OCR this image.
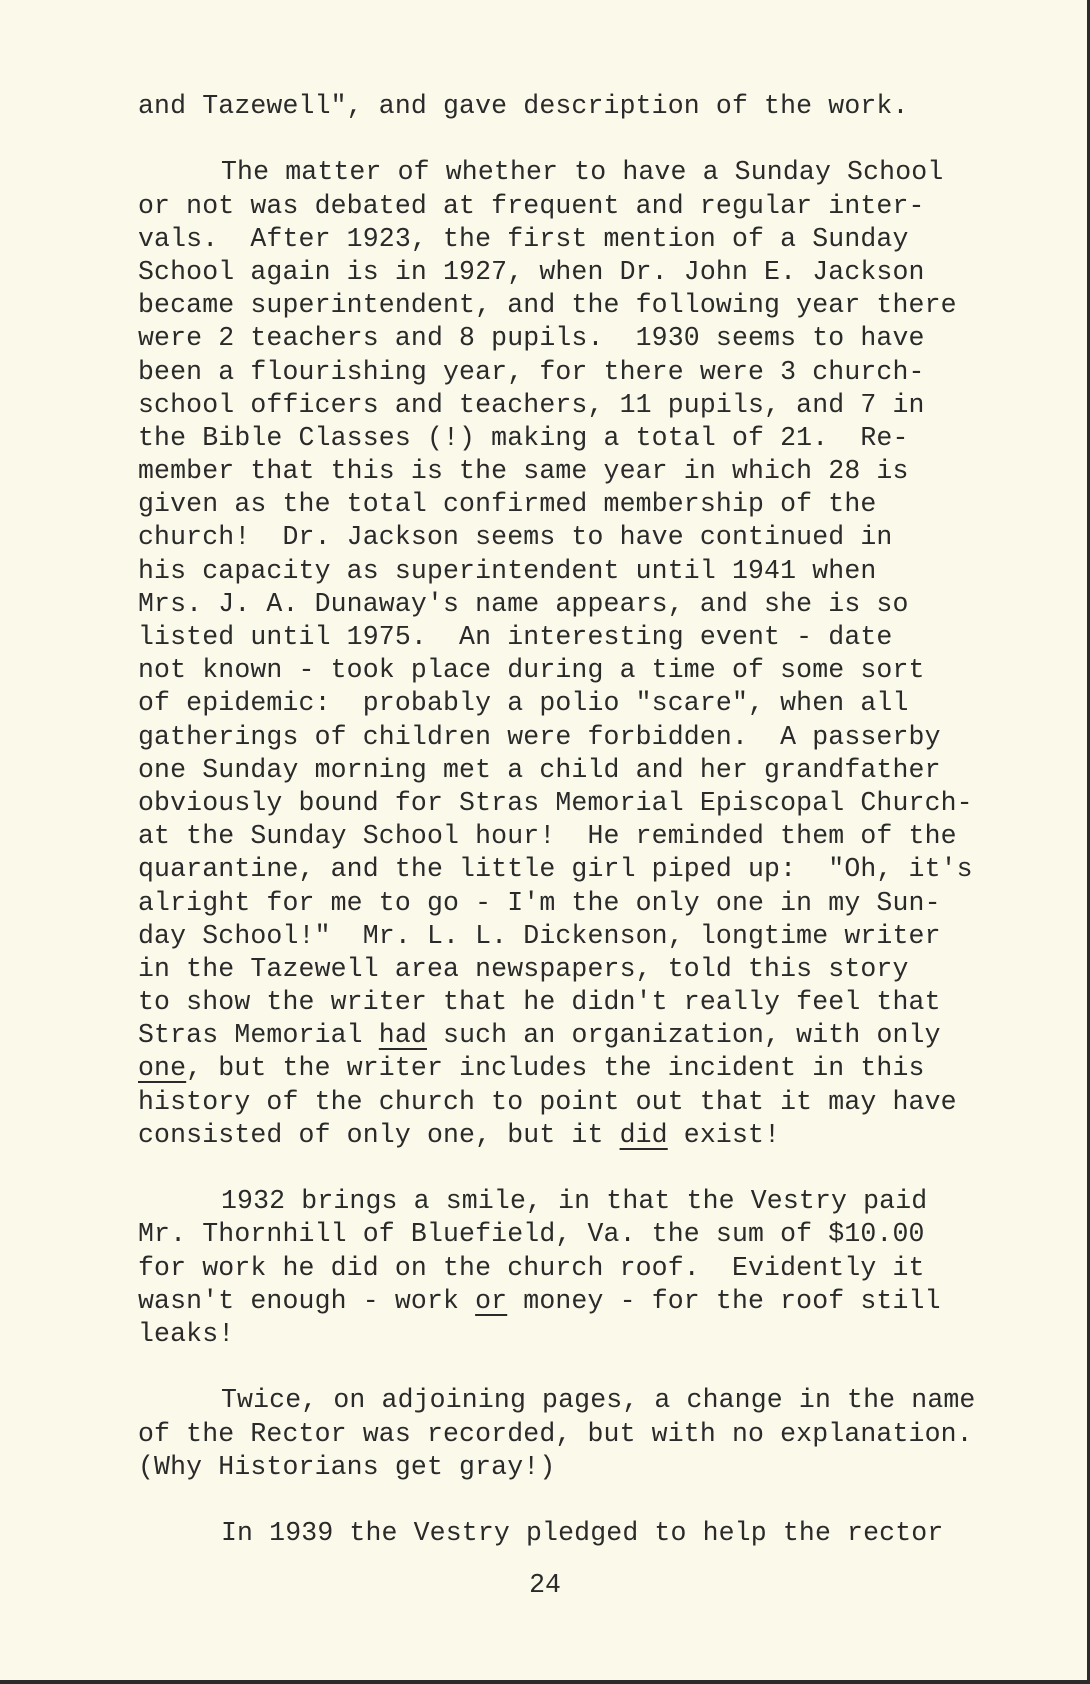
and Tazewell", and gave description of the work.
The matter of whether to have a Sunday School
or not was debated at frequent and regular inter-
vals.  After 1923, the first mention of a Sunday
School again is in 1927, when Dr. John E. Jackson
became superintendent, and the following year there
were 2 teachers and 8 pupils.  1930 seems to have
been a flourishing year, for there were 3 church-
school officers and teachers, 11 pupils, and 7 in
the Bible Classes (!) making a total of 21.  Re-
member that this is the same year in which 28 is
given as the total confirmed membership of the
church!  Dr. Jackson seems to have continued in
his capacity as superintendent until 1941 when
Mrs. J. A. Dunaway's name appears, and she is so
listed until 1975.  An interesting event - date
not known - took place during a time of some sort
of epidemic:  probably a polio "scare", when all
gatherings of children were forbidden.  A passerby
one Sunday morning met a child and her grandfather
obviously bound for Stras Memorial Episcopal Church-
at the Sunday School hour!  He reminded them of the
quarantine, and the little girl piped up:  "Oh, it's
alright for me to go - I'm the only one in my Sun-
day School!"  Mr. L. L. Dickenson, longtime writer
in the Tazewell area newspapers, told this story
to show the writer that he didn't really feel that
Stras Memorial had such an organization, with only
one, but the writer includes the incident in this
history of the church to point out that it may have
consisted of only one, but it did exist!
1932 brings a smile, in that the Vestry paid
Mr. Thornhill of Bluefield, Va. the sum of $10.00
for work he did on the church roof.  Evidently it
wasn't enough - work or money - for the roof still
leaks!
Twice, on adjoining pages, a change in the name
of the Rector was recorded, but with no explanation.
(Why Historians get gray!)
In 1939 the Vestry pledged to help the rector
24
